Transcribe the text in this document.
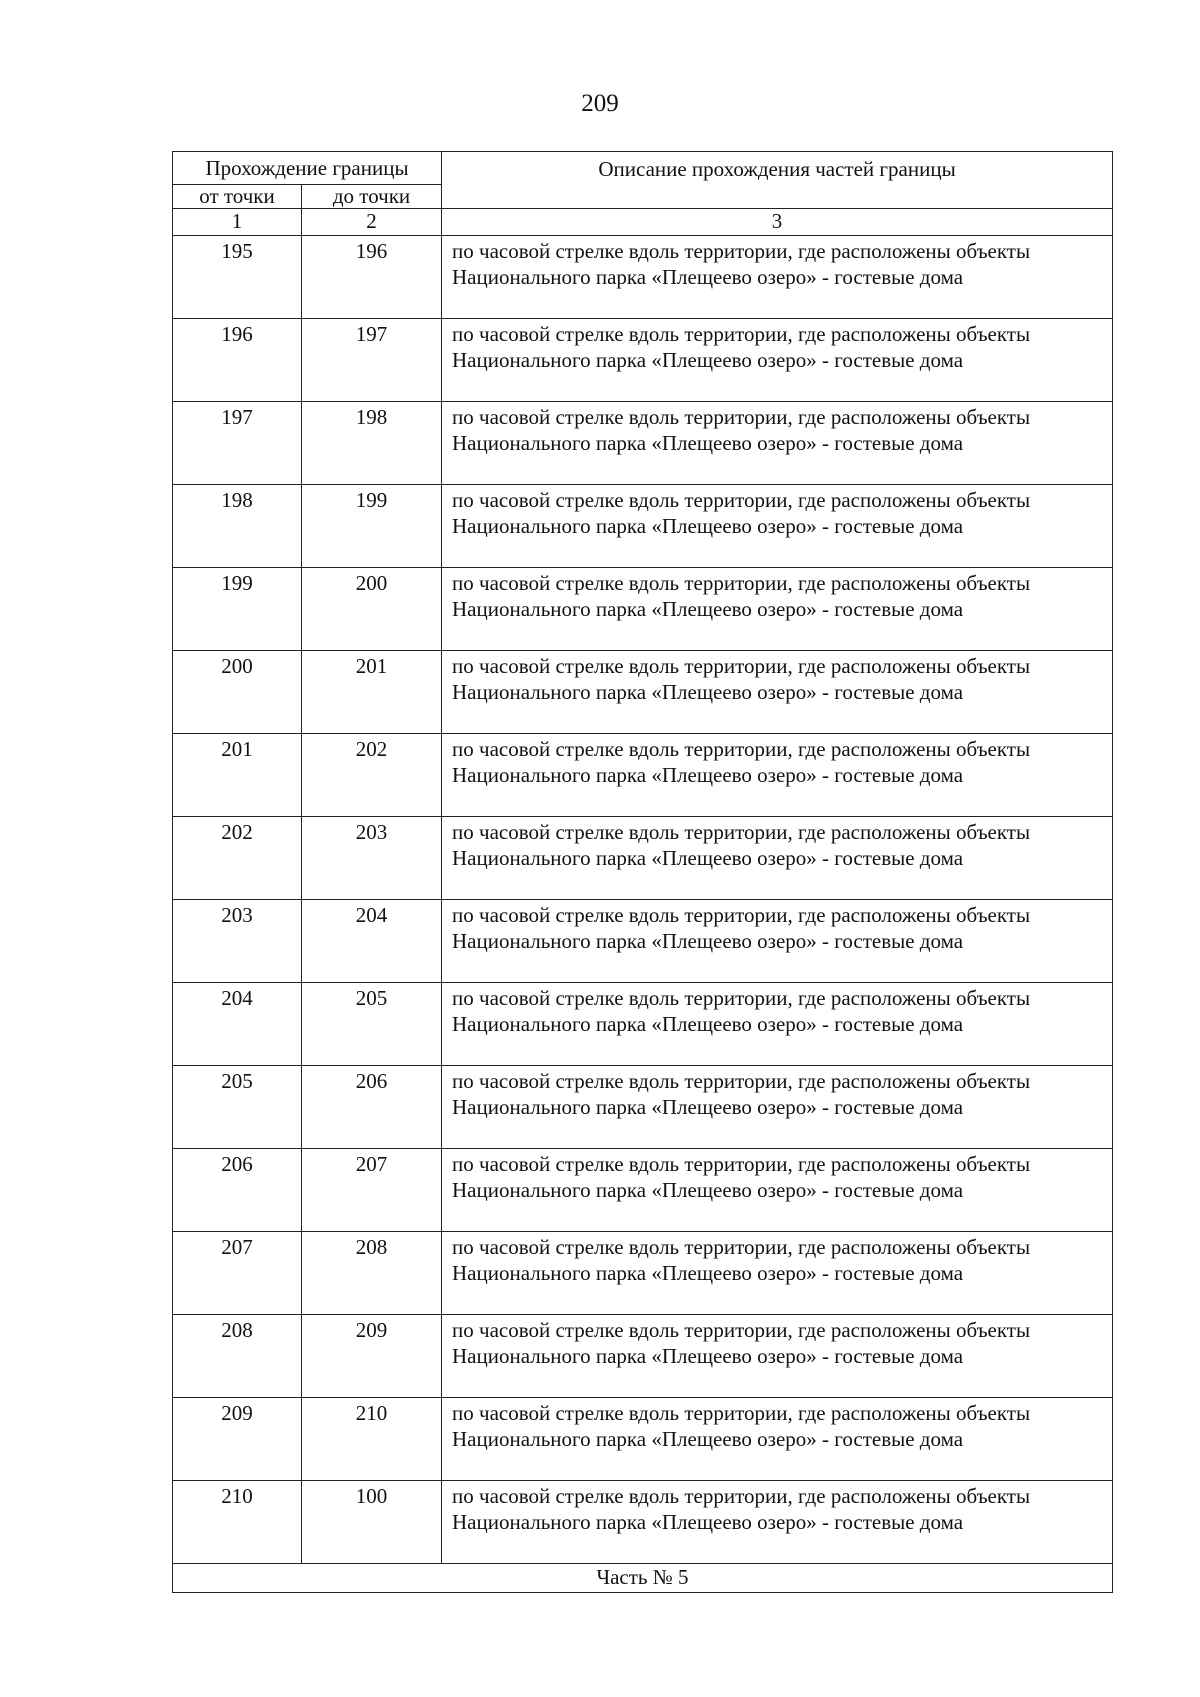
209
Прохождение границы		Описание прохождения частей границы
от точки	до точки	
1	2	3
195	196	по часовой стрелке вдоль территории, где расположены объекты Национального парка «Плещеево озеро» - гостевые дома
196	197	по часовой стрелке вдоль территории, где расположены объекты Национального парка «Плещеево озеро» - гостевые дома
197	198	по часовой стрелке вдоль территории, где расположены объекты Национального парка «Плещеево озеро» - гостевые дома
198	199	по часовой стрелке вдоль территории, где расположены объекты Национального парка «Плещеево озеро» - гостевые дома
199	200	по часовой стрелке вдоль территории, где расположены объекты Национального парка «Плещеево озеро» - гостевые дома
200	201	по часовой стрелке вдоль территории, где расположены объекты Национального парка «Плещеево озеро» - гостевые дома
201	202	по часовой стрелке вдоль территории, где расположены объекты Национального парка «Плещеево озеро» - гостевые дома
202	203	по часовой стрелке вдоль территории, где расположены объекты Национального парка «Плещеево озеро» - гостевые дома
203	204	по часовой стрелке вдоль территории, где расположены объекты Национального парка «Плещеево озеро» - гостевые дома
204	205	по часовой стрелке вдоль территории, где расположены объекты Национального парка «Плещеево озеро» - гостевые дома
205	206	по часовой стрелке вдоль территории, где расположены объекты Национального парка «Плещеево озеро» - гостевые дома
206	207	по часовой стрелке вдоль территории, где расположены объекты Национального парка «Плещеево озеро» - гостевые дома
207	208	по часовой стрелке вдоль территории, где расположены объекты Национального парка «Плещеево озеро» - гостевые дома
208	209	по часовой стрелке вдоль территории, где расположены объекты Национального парка «Плещеево озеро» - гостевые дома
209	210	по часовой стрелке вдоль территории, где расположены объекты Национального парка «Плещеево озеро» - гостевые дома
210	100	по часовой стрелке вдоль территории, где расположены объекты Национального парка «Плещеево озеро» - гостевые дома
Часть № 5		
